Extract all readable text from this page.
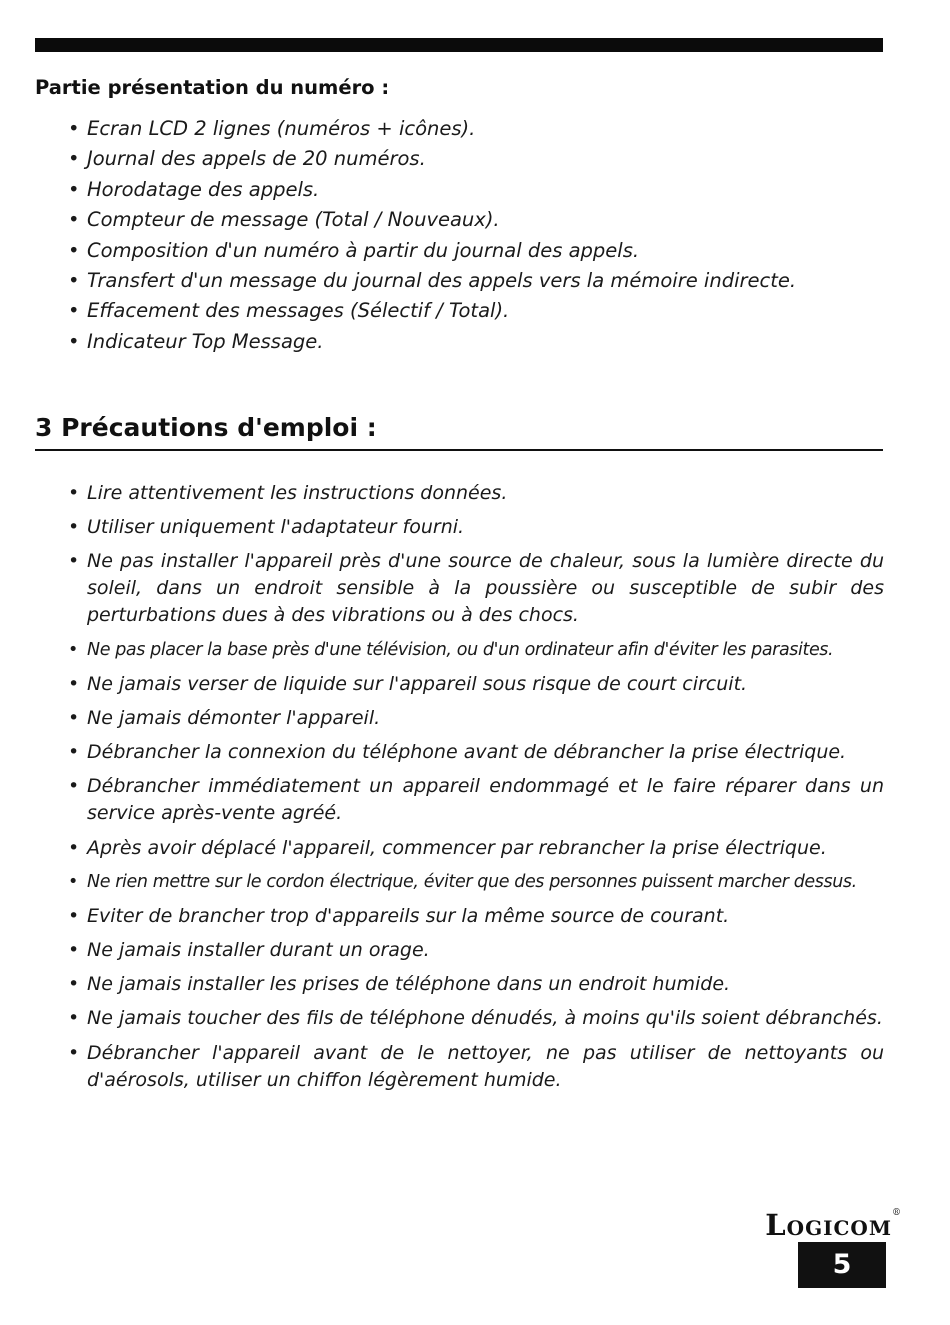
Partie présentation du numéro :
• Ecran LCD 2 lignes (numéros + icônes).
• Journal des appels de 20 numéros.
• Horodatage des appels.
• Compteur de message (Total / Nouveaux).
• Composition d'un numéro à partir du journal des appels.
• Transfert d'un message du journal des appels vers la mémoire indirecte.
• Effacement des messages (Sélectif / Total).
• Indicateur Top Message.
3 Précautions d'emploi :
• Lire attentivement les instructions données.
• Utiliser uniquement l'adaptateur fourni.
• Ne pas installer l'appareil près d'une source de chaleur, sous la lumière directe du soleil, dans un endroit sensible à la poussière ou susceptible de subir des perturbations dues à des vibrations ou à des chocs.
• Ne pas placer la base près d'une télévision, ou d'un ordinateur afin d'éviter les parasites.
• Ne jamais verser de liquide sur l'appareil sous risque de court circuit.
• Ne jamais démonter l'appareil.
• Débrancher la connexion du téléphone avant de débrancher la prise électrique.
• Débrancher immédiatement un appareil endommagé et le faire réparer dans un service après-vente agréé.
• Après avoir déplacé l'appareil, commencer par rebrancher la prise électrique.
• Ne rien mettre sur le cordon électrique, éviter que des personnes puissent marcher dessus.
• Eviter de brancher trop d'appareils sur la même source de courant.
• Ne jamais installer durant un orage.
• Ne jamais installer les prises de téléphone dans un endroit humide.
• Ne jamais toucher des fils de téléphone dénudés, à moins qu'ils soient débranchés.
• Débrancher l'appareil avant de le nettoyer, ne pas utiliser de nettoyants ou d'aérosols, utiliser un chiffon légèrement humide.
Logicom®
5
